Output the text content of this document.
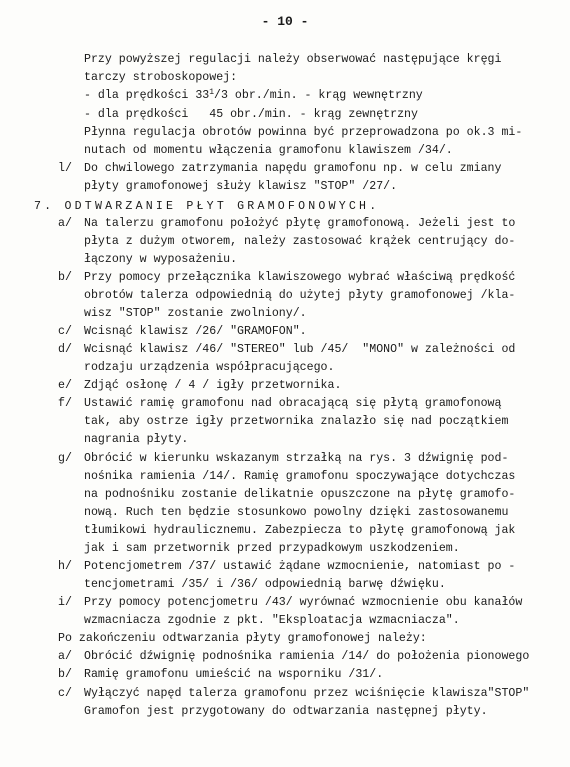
- 10 -
Przy powyższej regulacji należy obserwować następujące kręgi
tarczy stroboskopowej:
- dla prędkości $33^1/3$ obr./min. - krąg wewnętrzny
- dla prędkości   45 obr./min. - krąg zewnętrzny
Płynna regulacja obrotów powinna być przeprowadzona po ok.3 mi-
nutach od momentu włączenia gramofonu klawiszem /34/.
l/ Do chwilowego zatrzymania napędu gramofonu np. w celu zmiany
płyty gramofonowej służy klawisz "STOP" /27/.
7. ODTWARZANIE PŁYT GRAMOFONOWYCH.
a/ Na talerzu gramofonu położyć płytę gramofonową. Jeżeli jest to
płyta z dużym otworem, należy zastosować krążek centrujący do-
łączony w wyposażeniu.
b/ Przy pomocy przełącznika klawiszowego wybrać właściwą prędkość
obrotów talerza odpowiednią do użytej płyty gramofonowej /kla-
wisz "STOP" zostanie zwolniony/.
c/ Wcisnąć klawisz /26/ "GRAMOFON".
d/ Wcisnąć klawisz /46/ "STEREO" lub /45/  "MONO" w zależności od
rodzaju urządzenia współpracującego.
e/ Zdjąć osłonę / 4 / igły przetwornika.
f/ Ustawić ramię gramofonu nad obracającą się płytą gramofonową
tak, aby ostrze igły przetwornika znalazło się nad początkiem
nagrania płyty.
g/ Obrócić w kierunku wskazanym strzałką na rys. 3 dźwignię pod-
nośnika ramienia /14/. Ramię gramofonu spoczywające dotychczas
na podnośniku zostanie delikatnie opuszczone na płytę gramofo-
nową. Ruch ten będzie stosunkowo powolny dzięki zastosowanemu
tłumikowi hydraulicznemu. Zabezpiecza to płytę gramofonową jak
jak i sam przetwornik przed przypadkowym uszkodzeniem.
h/ Potencjometrem /37/ ustawić żądane wzmocnienie, natomiast po -
tencjometrami /35/ i /36/ odpowiednią barwę dźwięku.
i/ Przy pomocy potencjometru /43/ wyrównać wzmocnienie obu kanałów
wzmacniacza zgodnie z pkt. "Eksploatacja wzmacniacza".
Po zakończeniu odtwarzania płyty gramofonowej należy:
a/ Obrócić dźwignię podnośnika ramienia /14/ do położenia pionowego
b/ Ramię gramofonu umieścić na wsporniku /31/.
c/ Wyłączyć napęd talerza gramofonu przez wciśnięcie klawisza"STOP"
Gramofon jest przygotowany do odtwarzania następnej płyty.
